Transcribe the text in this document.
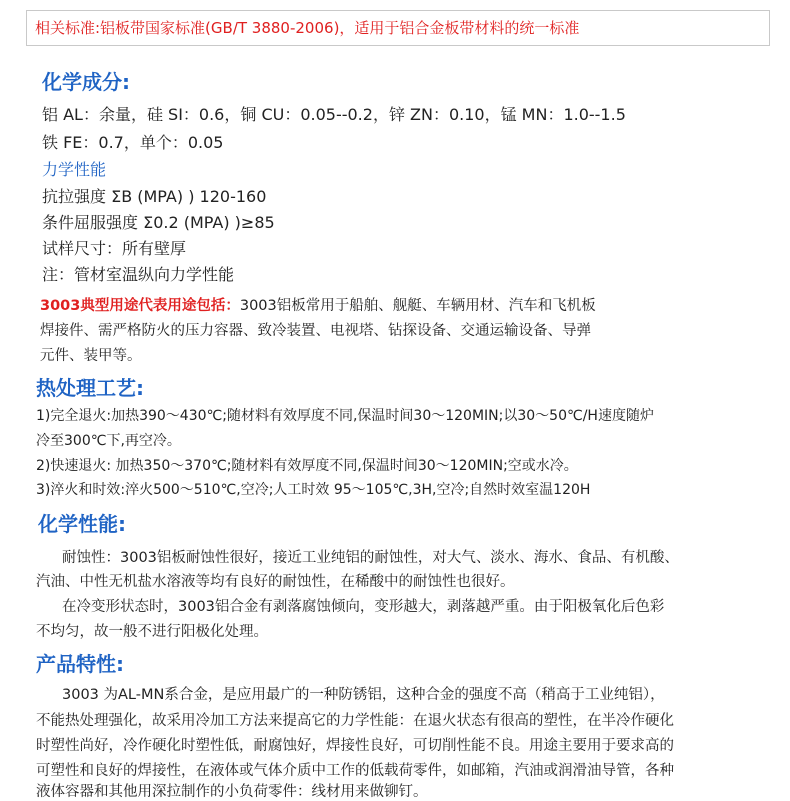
相关标准:铝板带国家标准(GB/T 3880-2006)，适用于铝合金板带材料的统一标准
化学成分:
铝 AL：余量，硅 SI：0.6，铜 CU：0.05--0.2，锌 ZN：0.10，锰 MN：1.0--1.5
铁 FE：0.7，单个：0.05
力学性能
抗拉强度 ΣB (MPA) ) 120-160
条件屈服强度 Σ0.2 (MPA) )≥85
试样尺寸：所有壁厚
注：管材室温纵向力学性能
3003典型用途代表用途包括：3003铝板常用于船舶、舰艇、车辆用材、汽车和飞机板
焊接件、需严格防火的压力容器、致冷装置、电视塔、钻探设备、交通运输设备、导弹
元件、装甲等。
热处理工艺:
1)完全退火:加热390～430℃;随材料有效厚度不同,保温时间30～120MIN;以30～50℃/H速度随炉
冷至300℃下,再空冷。
2)快速退火: 加热350～370℃;随材料有效厚度不同,保温时间30～120MIN;空或水冷。
3)淬火和时效:淬火500～510℃,空冷;人工时效 95～105℃,3H,空冷;自然时效室温120H
化学性能:
耐蚀性：3003铝板耐蚀性很好，接近工业纯铝的耐蚀性，对大气、淡水、海水、食品、有机酸、
汽油、中性无机盐水溶液等均有良好的耐蚀性，在稀酸中的耐蚀性也很好。
在冷变形状态时，3003铝合金有剥落腐蚀倾向，变形越大，剥落越严重。由于阳极氧化后色彩
不均匀，故一般不进行阳极化处理。
产品特性:
3003 为AL-MN系合金，是应用最广的一种防锈铝，这种合金的强度不高（稍高于工业纯铝），
不能热处理强化，故采用冷加工方法来提高它的力学性能：在退火状态有很高的塑性，在半冷作硬化
时塑性尚好，冷作硬化时塑性低，耐腐蚀好，焊接性良好，可切削性能不良。用途主要用于要求高的
可塑性和良好的焊接性，在液体或气体介质中工作的低载荷零件，如邮箱，汽油或润滑油导管，各种
液体容器和其他用深拉制作的小负荷零件：线材用来做铆钉。
